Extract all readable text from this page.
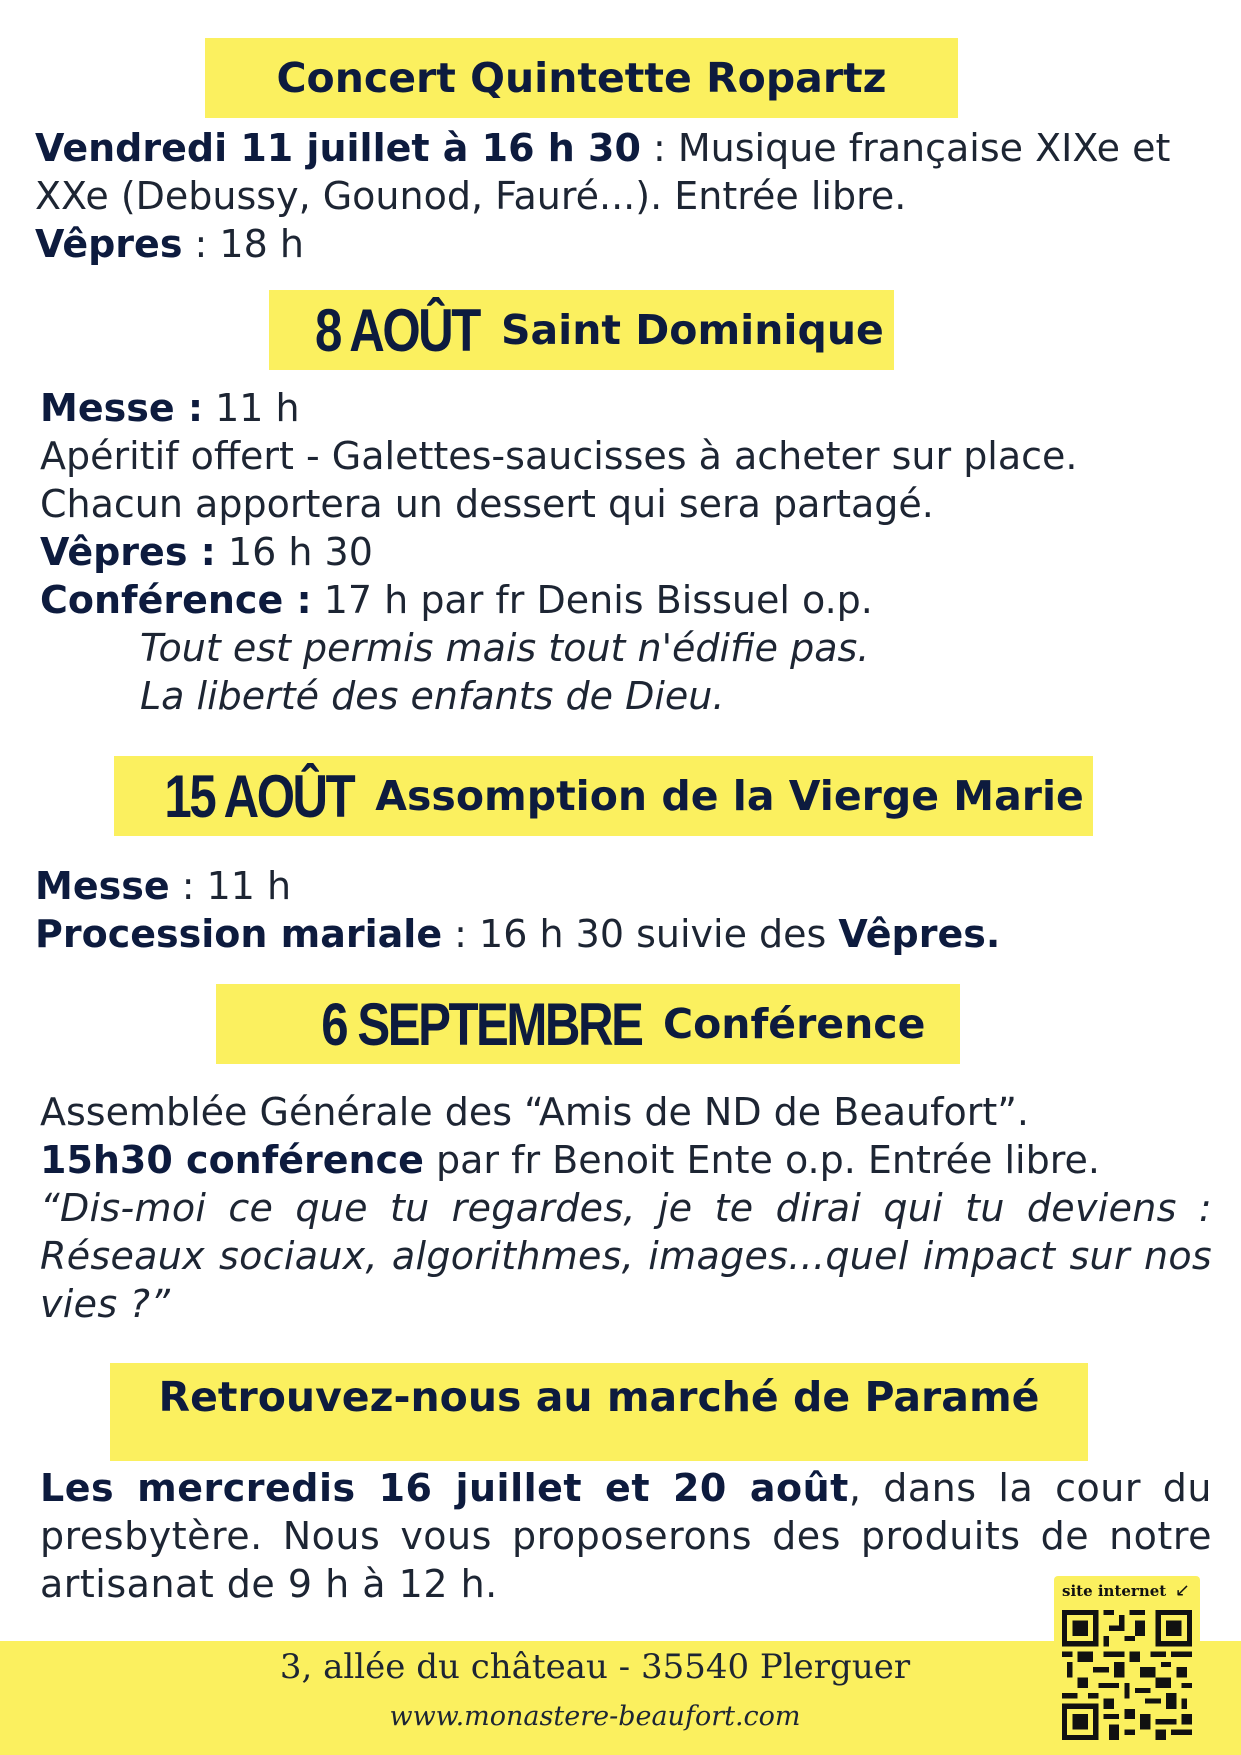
Concert Quintette Ropartz
Vendredi 11 juillet à 16 h 30 : Musique française XIXe et
XXe (Debussy, Gounod, Fauré...). Entrée libre.
Vêpres : 18 h
8 AOÛT Saint Dominique
Messe : 11 h
Apéritif offert - Galettes-saucisses à acheter sur place.
Chacun apportera un dessert qui sera partagé.
Vêpres : 16 h 30
Conférence : 17 h par fr Denis Bissuel o.p.
Tout est permis mais tout n'édifie pas.
La liberté des enfants de Dieu.
15 AOÛT Assomption de la Vierge Marie
Messe : 11 h
Procession mariale : 16 h 30 suivie des Vêpres.
6 SEPTEMBRE Conférence
Assemblée Générale des “Amis de ND de Beaufort”.
15h30 conférence par fr Benoit Ente o.p. Entrée libre.
“Dis-moi ce que tu regardes, je te dirai qui tu deviens : Réseaux sociaux, algorithmes, images...quel impact sur nos vies ?”
Retrouvez-nous au marché de Paramé
Les mercredis 16 juillet et 20 août, dans la cour du presbytère. Nous vous proposerons des produits de notre artisanat de 9 h à 12 h.
3, allée du château - 35540 Plerguer
www.monastere-beaufort.com
site internet ↙
